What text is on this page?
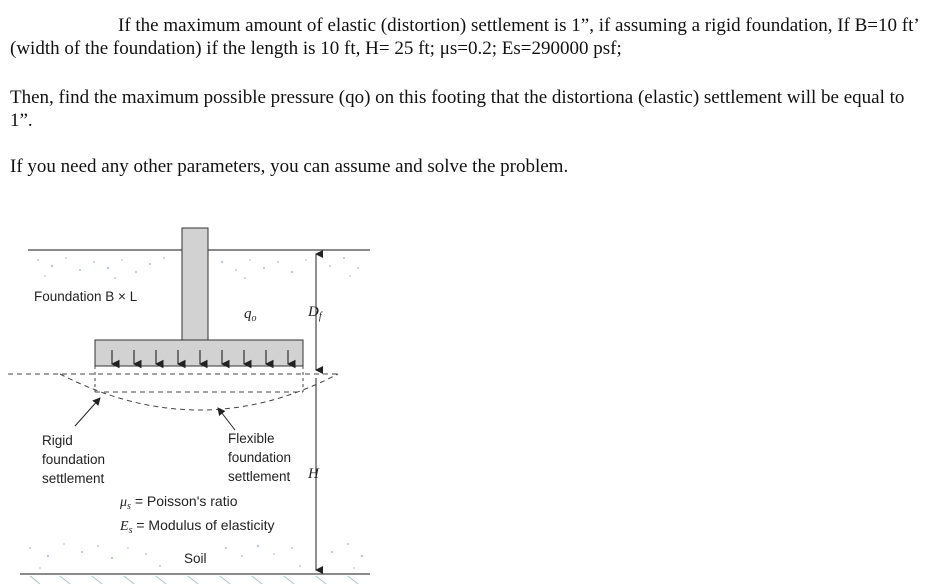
If the maximum amount of elastic (distortion) settlement is 1”, if assuming a rigid foundation, If B=10 ft’ (width of the foundation) if the length is 10 ft, H= 25 ft; μs=0.2; Es=290000 psf;

Then, find the maximum possible pressure (qo) on this footing that the distortiona (elastic) settlement will be equal to 1”.

If you need any other parameters, you can assume and solve the problem.

Foundation B × L
$q_o$	$D_f$
Rigid
foundation
settlement
Flexible
foundation
settlement H
$\mu_s$ = Poisson's ratio
$E_s$ = Modulus of elasticity
Soil
